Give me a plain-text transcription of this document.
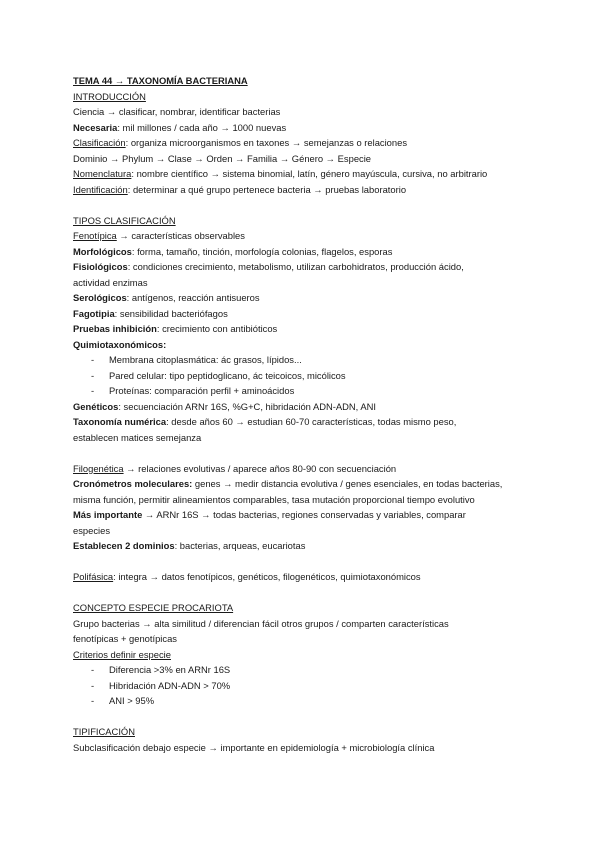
TEMA 44 → TAXONOMÍA BACTERIANA
INTRODUCCIÓN
Ciencia → clasificar, nombrar, identificar bacterias
Necesaria: mil millones / cada año → 1000 nuevas
Clasificación: organiza microorganismos en taxones → semejanzas o relaciones
Dominio → Phylum → Clase → Orden → Familia → Género → Especie
Nomenclatura: nombre científico → sistema binomial, latín, género mayúscula, cursiva, no arbitrario
Identificación: determinar a qué grupo pertenece bacteria → pruebas laboratorio
TIPOS CLASIFICACIÓN
Fenotípica → características observables
Morfológicos: forma, tamaño, tinción, morfología colonias, flagelos, esporas
Fisiológicos: condiciones crecimiento, metabolismo, utilizan carbohidratos, producción ácido,
actividad enzimas
Serológicos: antígenos, reacción antisueros
Fagotipia: sensibilidad bacteriófagos
Pruebas inhibición: crecimiento con antibióticos
Quimiotaxonómicos:
- Membrana citoplasmática: ác grasos, lípidos...
- Pared celular: tipo peptidoglicano, ác teicoicos, micólicos
- Proteínas: comparación perfil + aminoácidos
Genéticos: secuenciación ARNr 16S, %G+C, hibridación ADN-ADN, ANI
Taxonomía numérica: desde años 60 → estudian 60-70 características, todas mismo peso,
establecen matices semejanza
Filogenética → relaciones evolutivas / aparece años 80-90 con secuenciación
Cronómetros moleculares: genes → medir distancia evolutiva / genes esenciales, en todas bacterias,
misma función, permitir alineamientos comparables, tasa mutación proporcional tiempo evolutivo
Más importante → ARNr 16S → todas bacterias, regiones conservadas y variables, comparar
especies
Establecen 2 dominios: bacterias, arqueas, eucariotas
Polifásica: integra → datos fenotípicos, genéticos, filogenéticos, quimiotaxonómicos
CONCEPTO ESPECIE PROCARIOTA
Grupo bacterias → alta similitud / diferencian fácil otros grupos / comparten características
fenotípicas + genotípicas
Criterios definir especie
- Diferencia >3% en ARNr 16S
- Hibridación ADN-ADN > 70%
- ANI > 95%
TIPIFICACIÓN
Subclasificación debajo especie → importante en epidemiología + microbiología clínica
